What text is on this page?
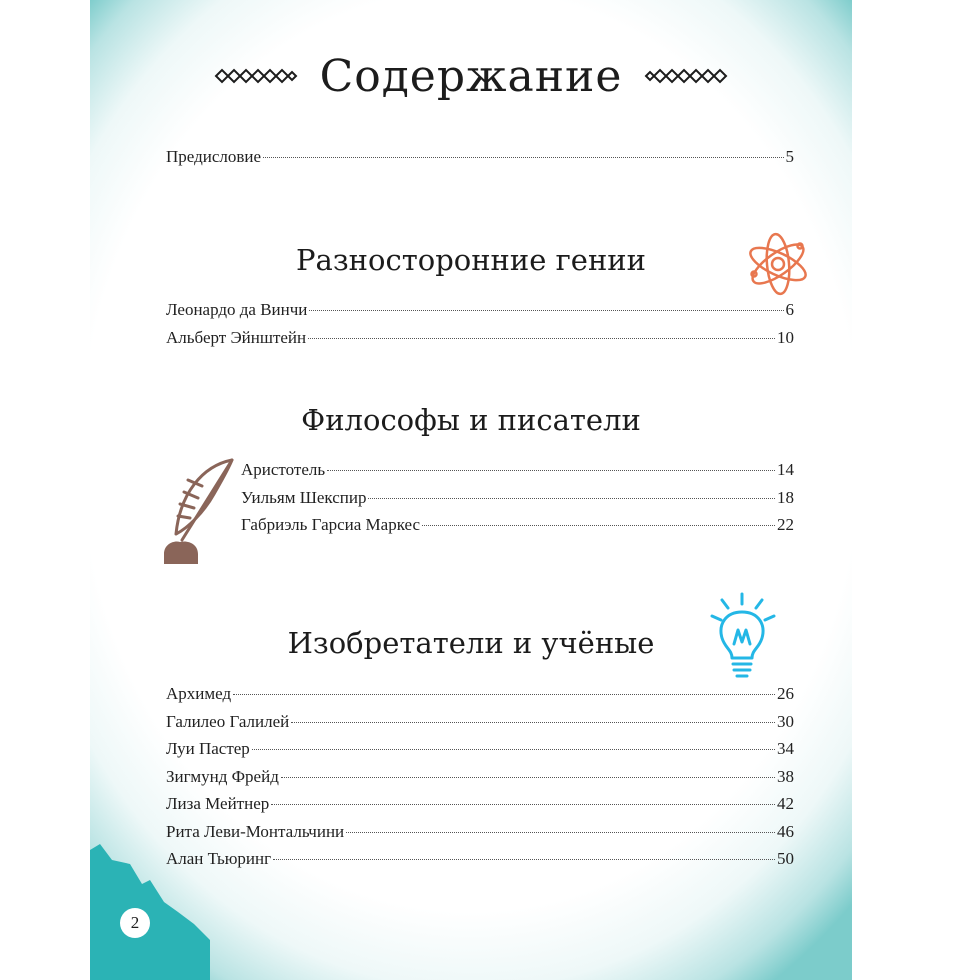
2
Содержание
Предисловие	5
Разносторонние гении
Леонардо да Винчи	6
Альберт Эйнштейн	10
Философы и писатели
Аристотель	14
Уильям Шекспир	18
Габриэль Гарсиа Маркес	22
Изобретатели и учёные
Архимед	26
Галилео Галилей	30
Луи Пастер	34
Зигмунд Фрейд	38
Лиза Мейтнер	42
Рита Леви-Монтальчини	46
Алан Тьюринг	50
